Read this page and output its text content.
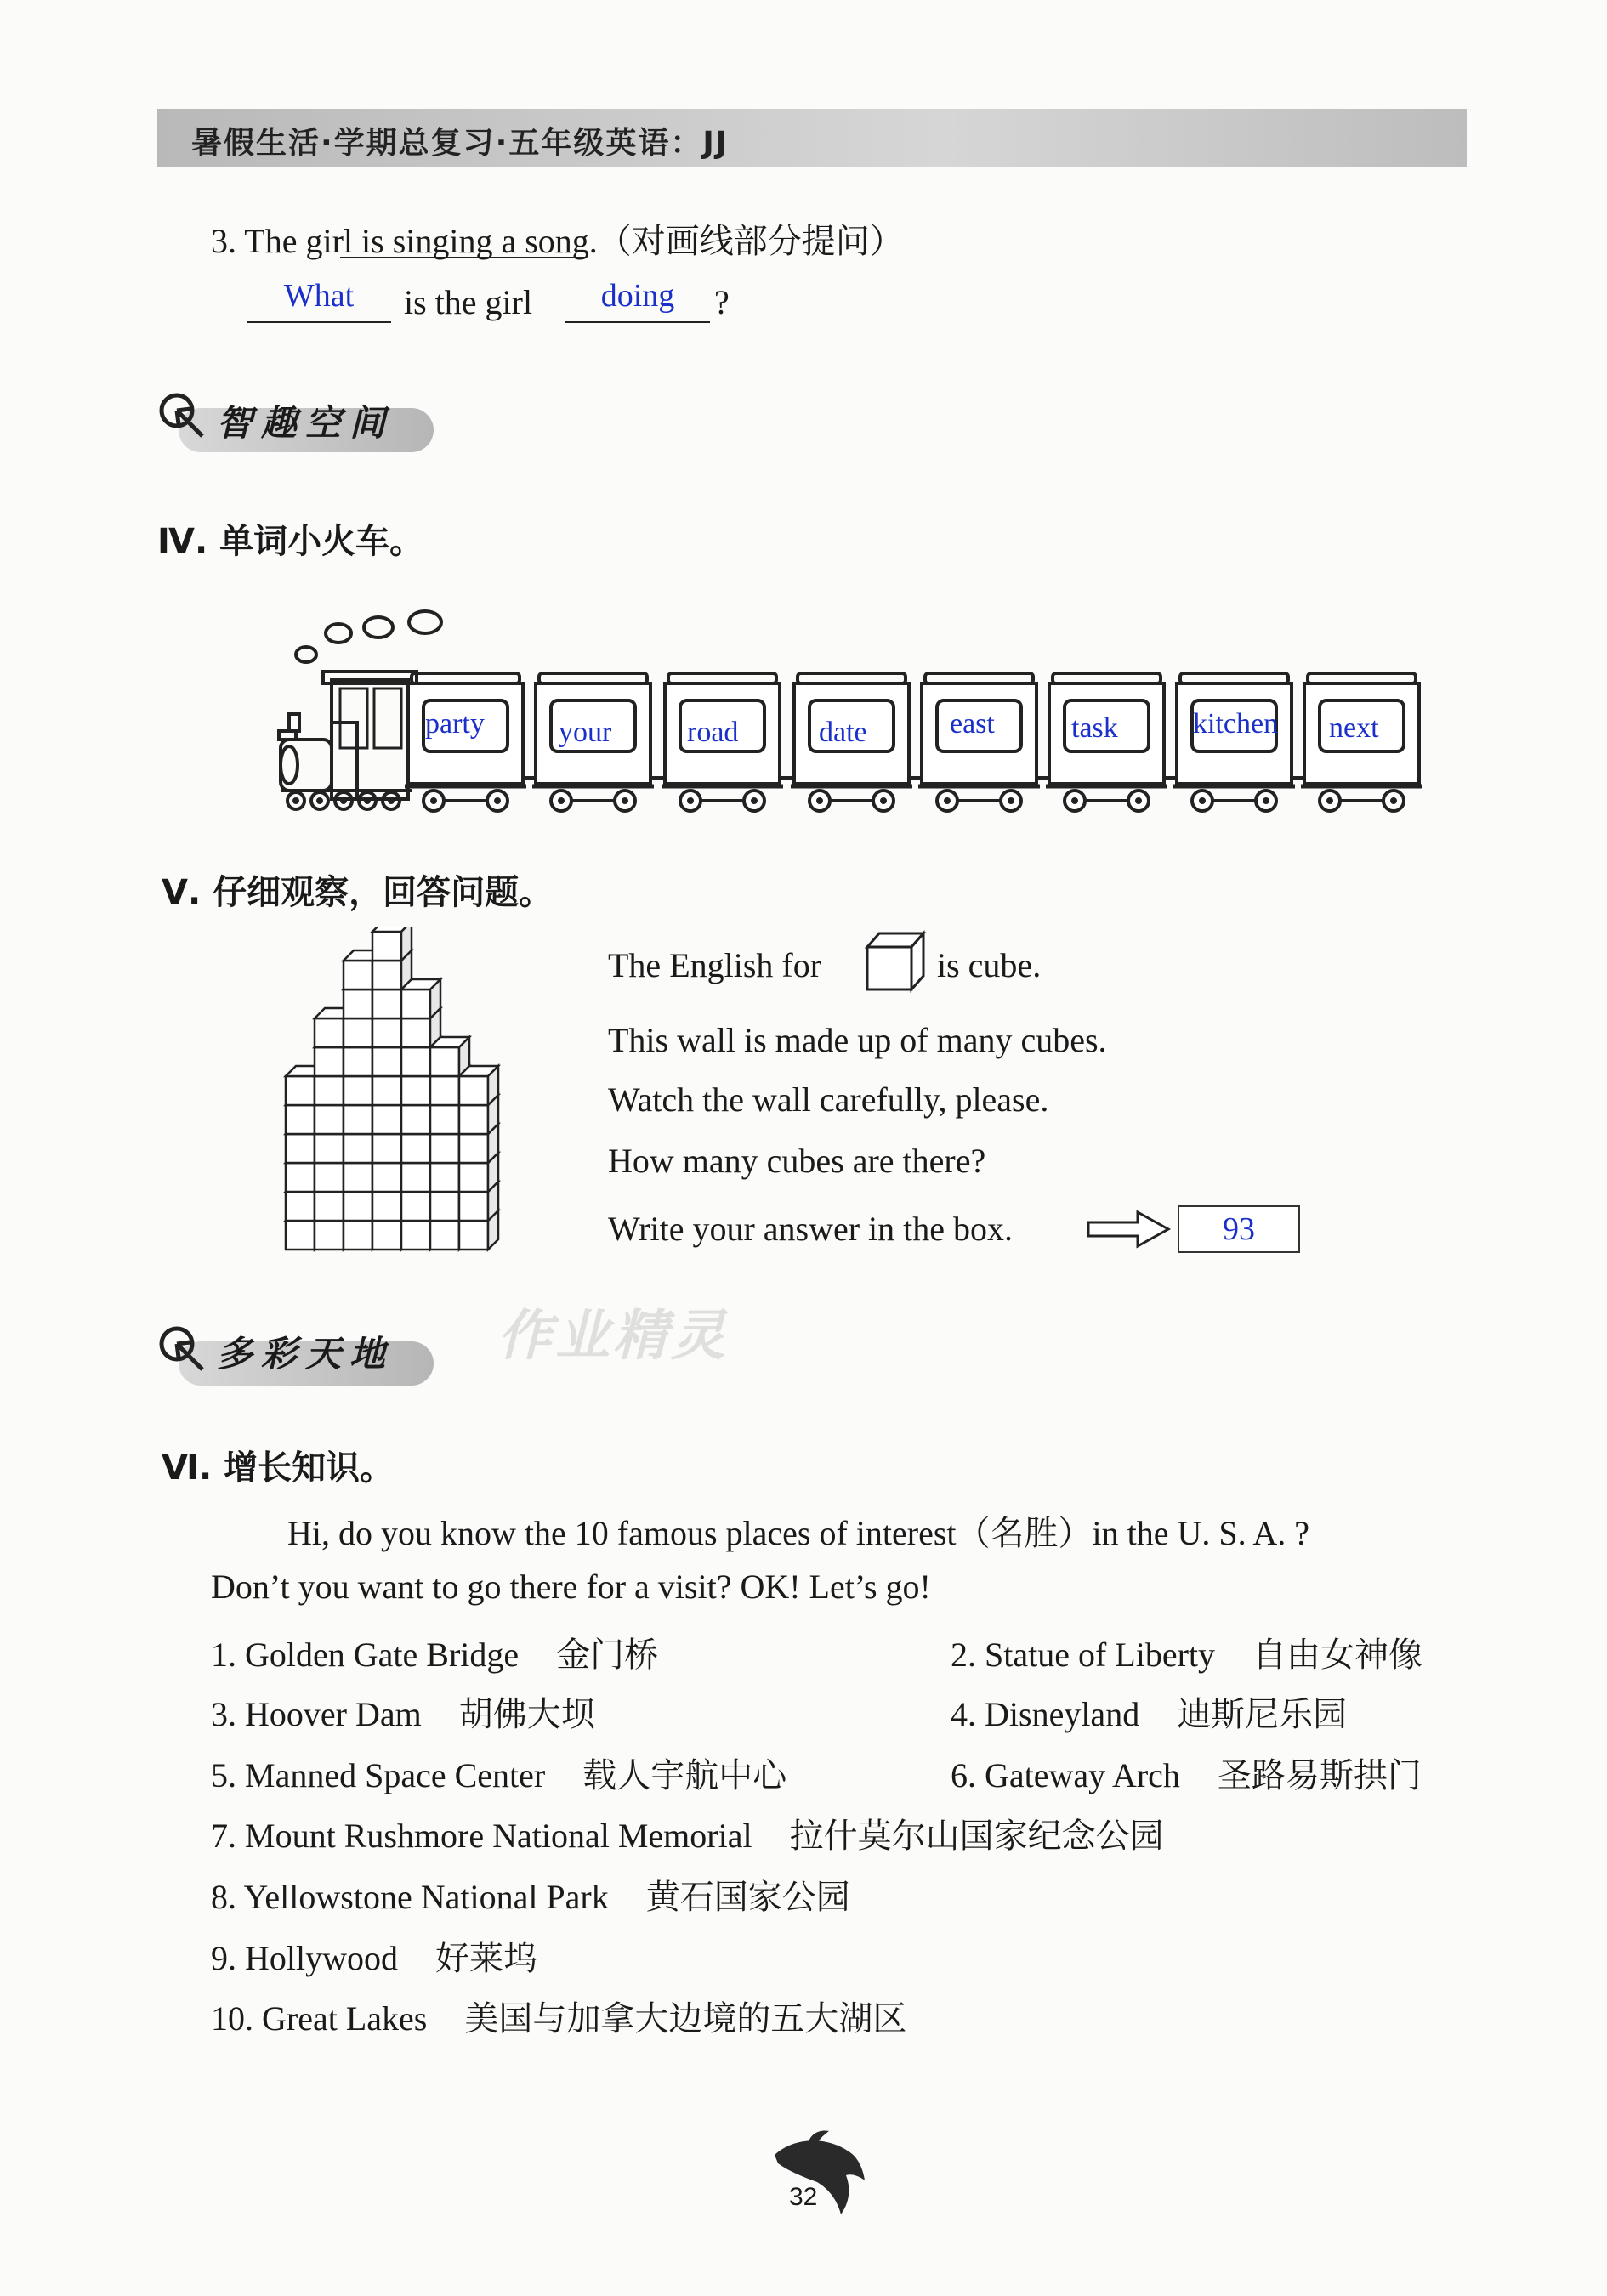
暑假生活·学期总复习·五年级英语：JJ
3. The girl is singing a song.（对画线部分提问）
What	is the girl	doing	?
智趣空间
Ⅳ. 单词小火车。
party	your	road	date	east	task	kitchen next
Ⅴ. 仔细观察，回答问题。
The English for	is cube.
This wall is made up of many cubes.
Watch the wall carefully, please.
How many cubes are there?
Write your answer in the box.	93
多彩天地 作业精灵
Ⅵ. 增长知识。
Hi, do you know the 10 famous places of interest（名胜）in the U. S. A. ?
Don’t you want to go there for a visit? OK! Let’s go!
1. Golden Gate Bridge 金门桥	2. Statue of Liberty 自由女神像
3. Hoover Dam 胡佛大坝	4. Disneyland 迪斯尼乐园
5. Manned Space Center 载人宇航中心	6. Gateway Arch 圣路易斯拱门
7. Mount Rushmore National Memorial 拉什莫尔山国家纪念公园
8. Yellowstone National Park 黄石国家公园
9. Hollywood 好莱坞
10. Great Lakes 美国与加拿大边境的五大湖区
32
